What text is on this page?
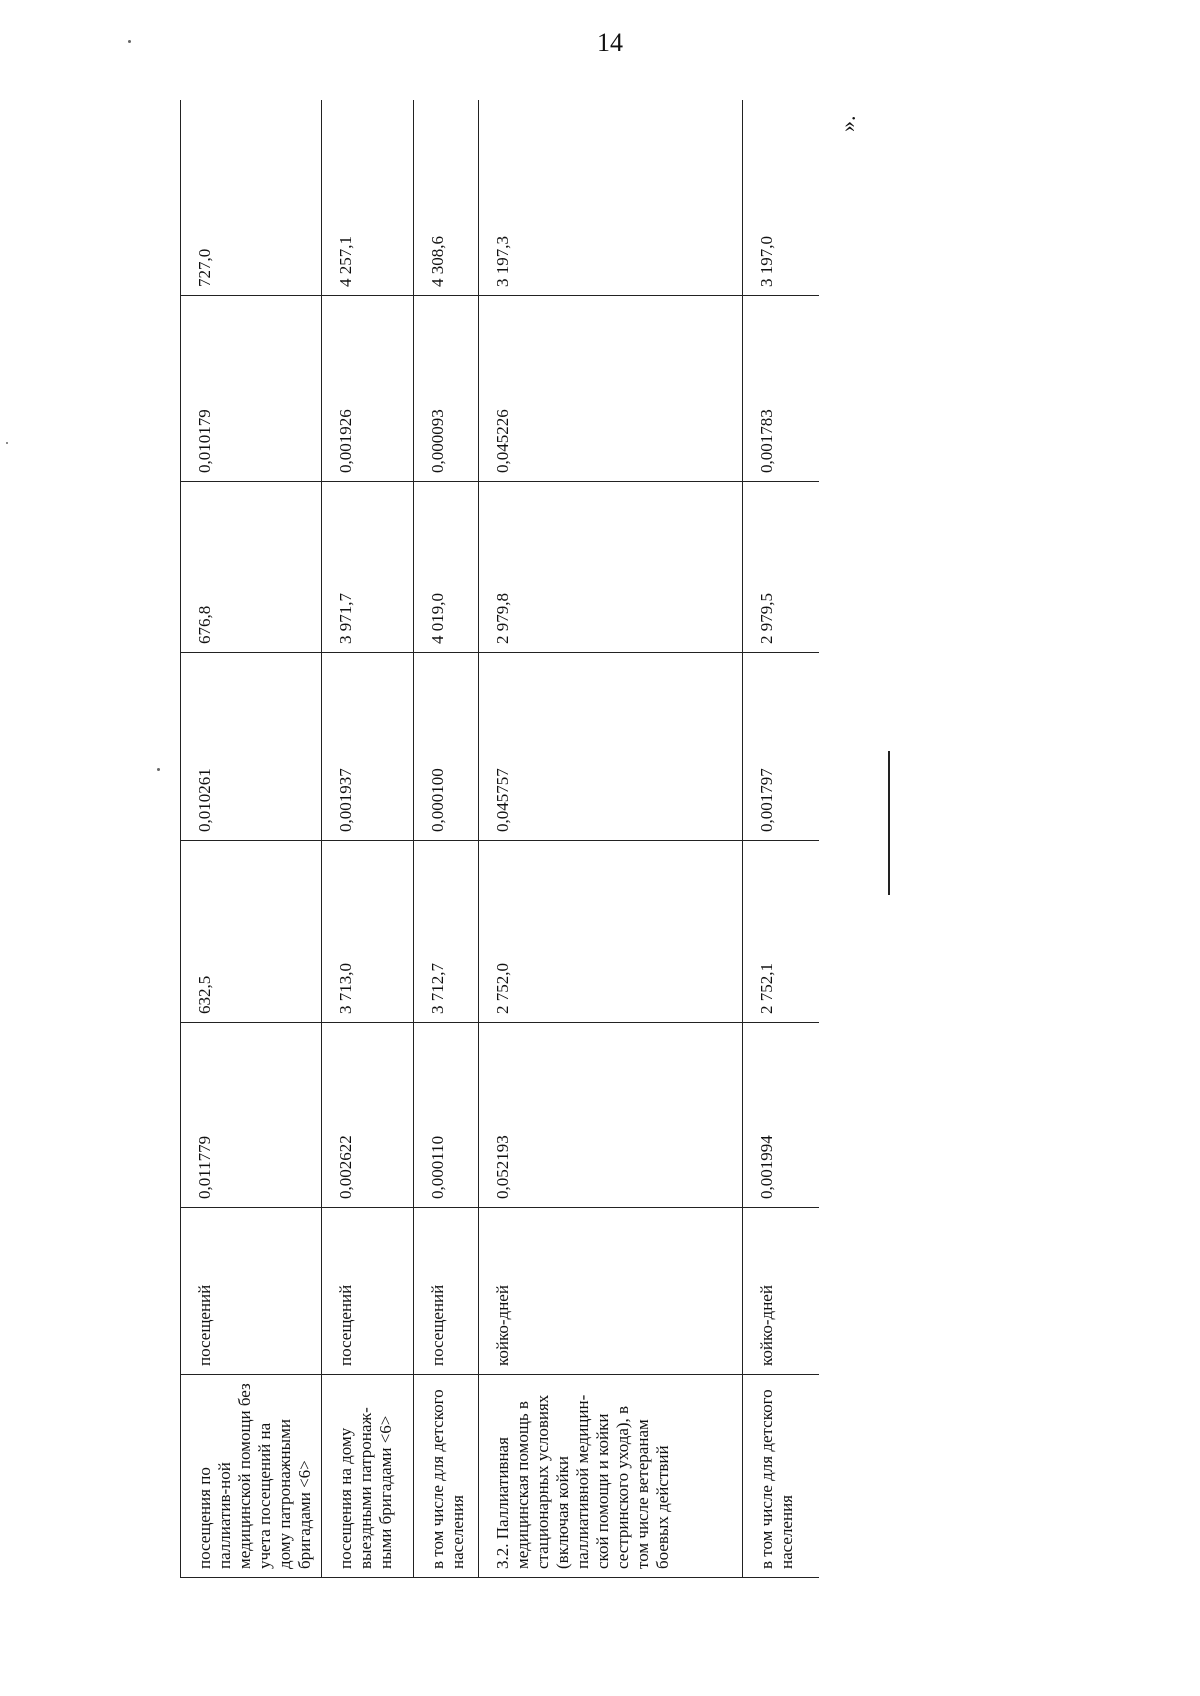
14
посещения по паллиатив-ной медицинской помощи без учета посещений на дому патронажными бригадами <6>	посещений	0,011779	632,5	0,010261	676,8	0,010179	727,0
посещения на дому выездными патронаж-ными бригадами <6>	посещений	0,002622	3 713,0	0,001937	3 971,7	0,001926	4 257,1
в том числе для детского населения	посещений	0,000110	3 712,7	0,000100	4 019,0	0,000093	4 308,6
3.2. Паллиативная медицинская помощь в стационарных условиях (включая койки паллиативной медицин-ской помощи и койки сестринского ухода), в том числе ветеранам боевых действий	койко-дней	0,052193	2 752,0	0,045757	2 979,8	0,045226	3 197,3
в том числе для детского населения	койко-дней	0,001994	2 752,1	0,001797	2 979,5	0,001783	3 197,0
».
